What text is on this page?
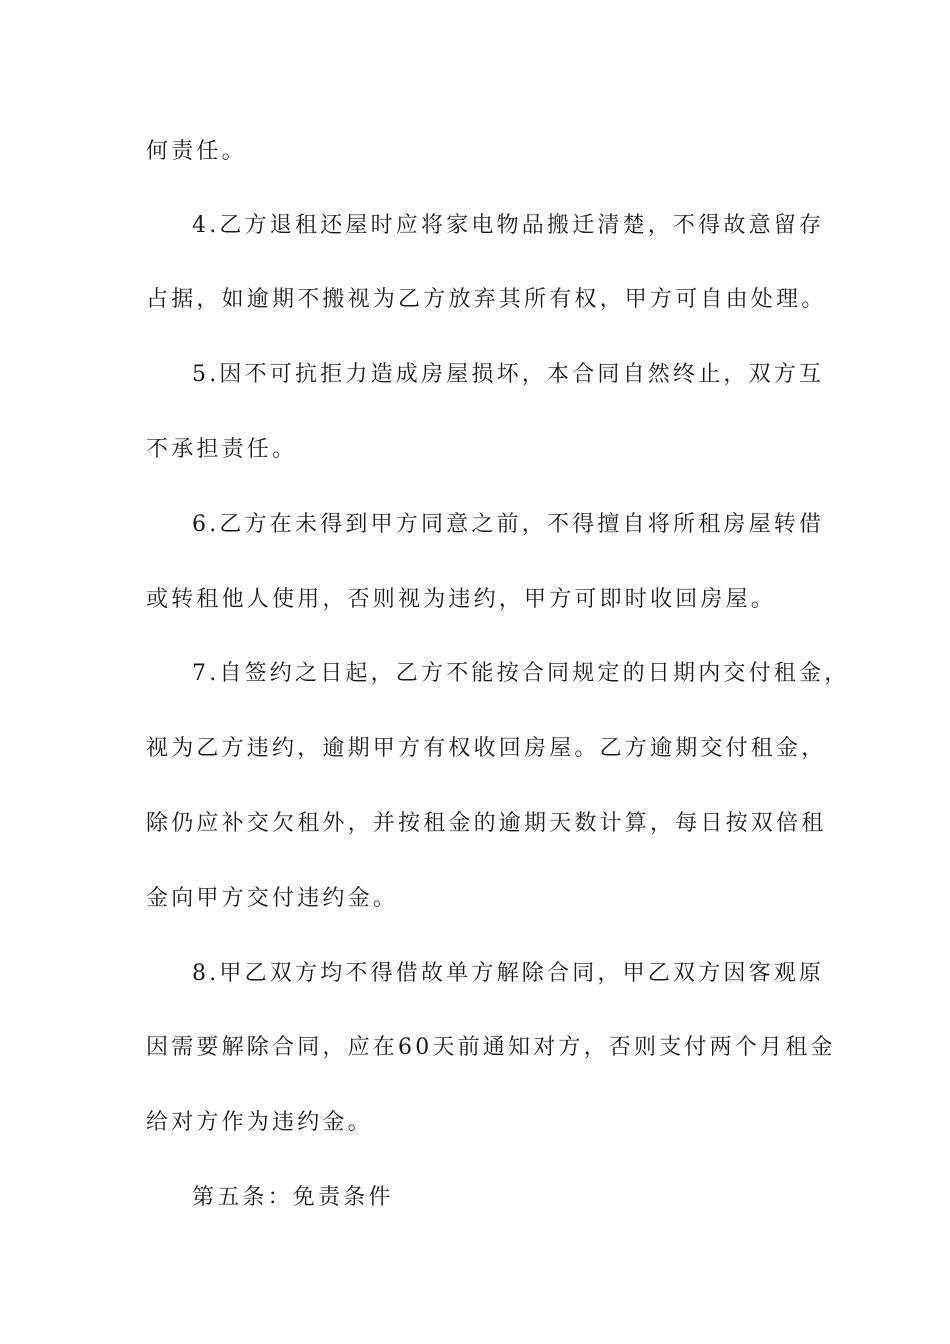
何责任。
4.乙方退租还屋时应将家电物品搬迁清楚，不得故意留存
占据，如逾期不搬视为乙方放弃其所有权，甲方可自由处理。
5.因不可抗拒力造成房屋损坏，本合同自然终止，双方互
不承担责任。
6.乙方在未得到甲方同意之前，不得擅自将所租房屋转借
或转租他人使用，否则视为违约，甲方可即时收回房屋。
7.自签约之日起，乙方不能按合同规定的日期内交付租金，
视为乙方违约，逾期甲方有权收回房屋。乙方逾期交付租金，
除仍应补交欠租外，并按租金的逾期天数计算，每日按双倍租
金向甲方交付违约金。
8.甲乙双方均不得借故单方解除合同，甲乙双方因客观原
因需要解除合同，应在60天前通知对方，否则支付两个月租金
给对方作为违约金。
第五条：免责条件
